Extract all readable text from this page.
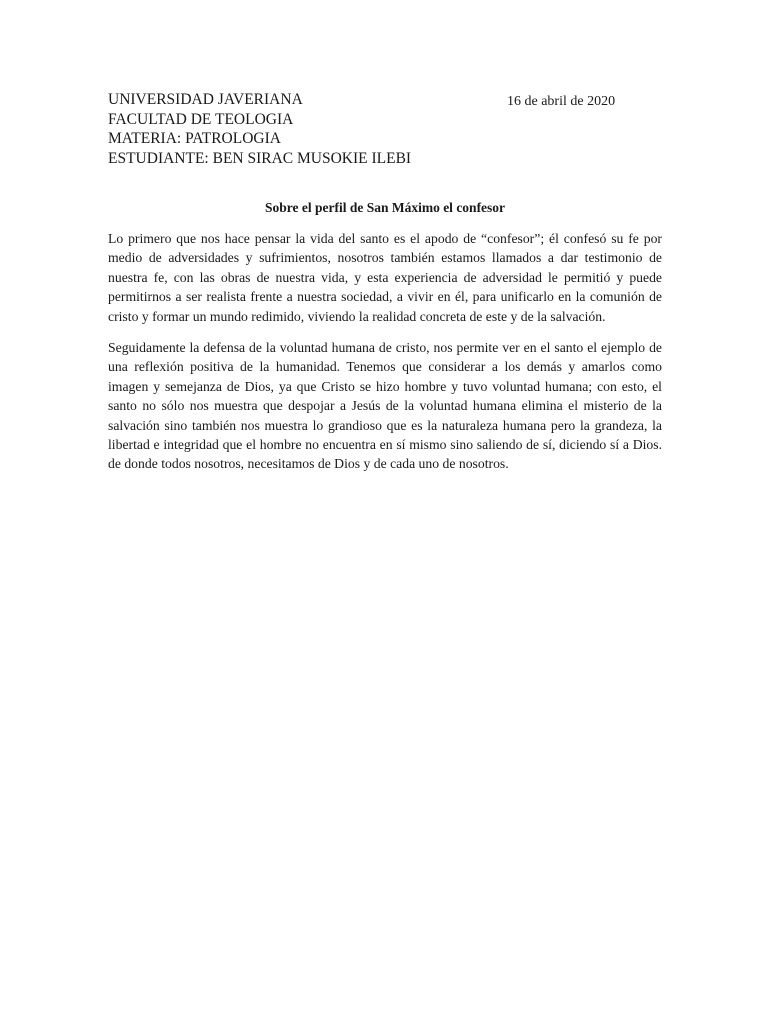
UNIVERSIDAD JAVERIANA
FACULTAD DE TEOLOGIA
MATERIA: PATROLOGIA
ESTUDIANTE: BEN SIRAC MUSOKIE ILEBI
16 de abril de 2020
Sobre el perfil de San Máximo el confesor

Lo primero que nos hace pensar la vida del santo es el apodo de “confesor”; él confesó su fe por medio de adversidades y sufrimientos, nosotros también estamos llamados a dar testimonio de nuestra fe, con las obras de nuestra vida, y esta experiencia de adversidad le permitió y puede permitirnos a ser realista frente a nuestra sociedad, a vivir en él, para unificarlo en la comunión de cristo y formar un mundo redimido, viviendo la realidad concreta de este y de la salvación.

Seguidamente la defensa de la voluntad humana de cristo, nos permite ver en el santo el ejemplo de una reflexión positiva de la humanidad. Tenemos que considerar a los demás y amarlos como imagen y semejanza de Dios, ya que Cristo se hizo hombre y tuvo voluntad humana; con esto, el santo no sólo nos muestra que despojar a Jesús de la voluntad humana elimina el misterio de la salvación sino también nos muestra lo grandioso que es la naturaleza humana pero la grandeza, la libertad e integridad que el hombre no encuentra en sí mismo sino saliendo de sí, diciendo sí a Dios. de donde todos nosotros, necesitamos de Dios y de cada uno de nosotros.
